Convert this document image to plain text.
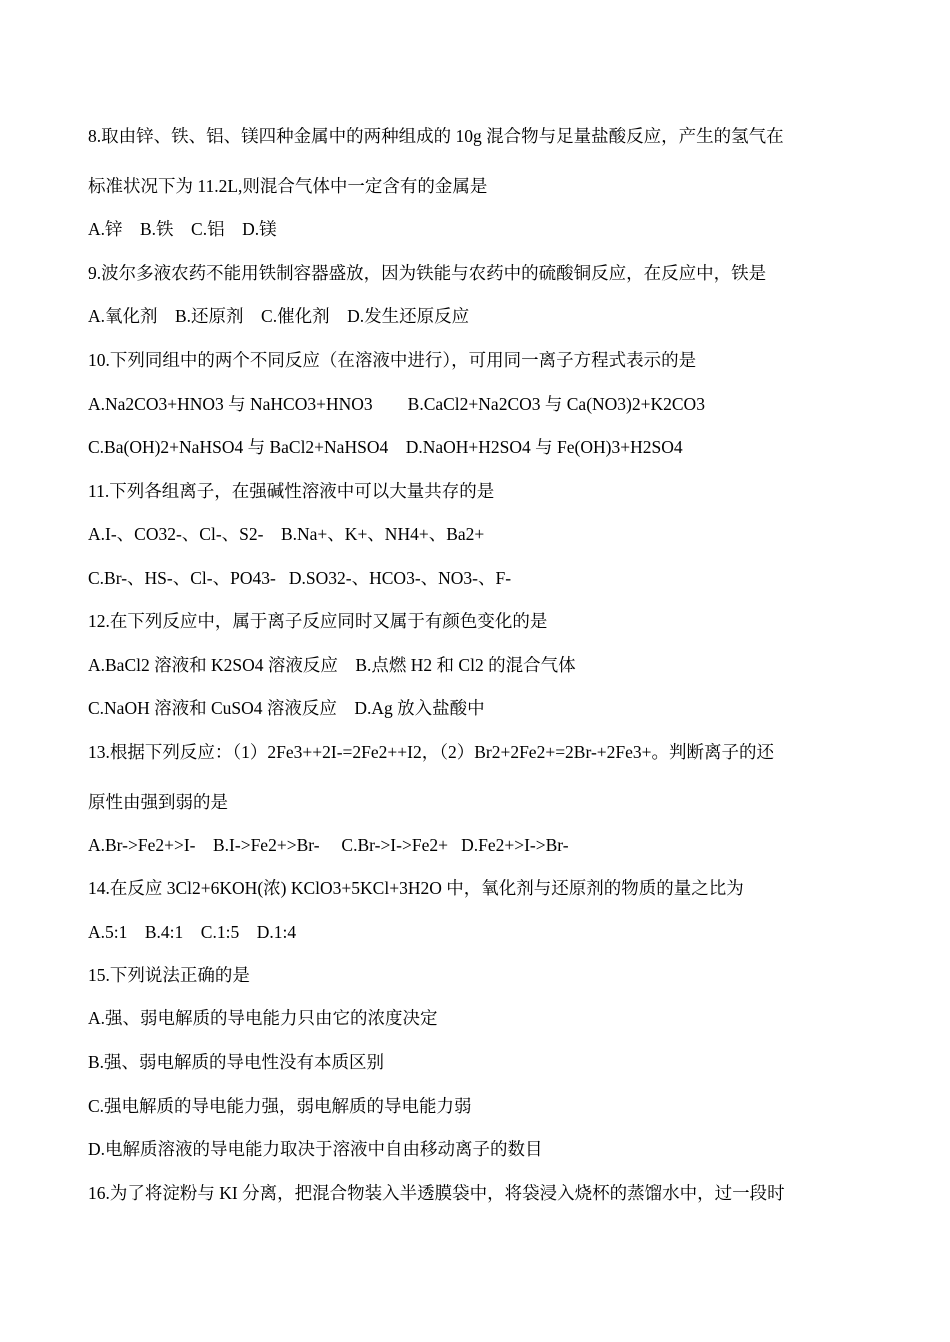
8.取由锌、铁、铝、镁四种金属中的两种组成的 10g 混合物与足量盐酸反应，产生的氢气在
标准状况下为 11.2L,则混合气体中一定含有的金属是
A.锌    B.铁    C.铝    D.镁
9.波尔多液农药不能用铁制容器盛放，因为铁能与农药中的硫酸铜反应，在反应中，铁是
A.氧化剂    B.还原剂    C.催化剂    D.发生还原反应
10.下列同组中的两个不同反应（在溶液中进行），可用同一离子方程式表示的是
A.Na2CO3+HNO3 与 NaHCO3+HNO3        B.CaCl2+Na2CO3 与 Ca(NO3)2+K2CO3
C.Ba(OH)2+NaHSO4 与 BaCl2+NaHSO4    D.NaOH+H2SO4 与 Fe(OH)3+H2SO4
11.下列各组离子，在强碱性溶液中可以大量共存的是
A.I-、CO32-、Cl-、S2-    B.Na+、K+、NH4+、Ba2+
C.Br-、HS-、Cl-、PO43-   D.SO32-、HCO3-、NO3-、F-
12.在下列反应中，属于离子反应同时又属于有颜色变化的是
A.BaCl2 溶液和 K2SO4 溶液反应    B.点燃 H2 和 Cl2 的混合气体
C.NaOH 溶液和 CuSO4 溶液反应    D.Ag 放入盐酸中
13.根据下列反应：（1）2Fe3++2I-=2Fe2++I2，（2）Br2+2Fe2+=2Br-+2Fe3+。判断离子的还
原性由强到弱的是
A.Br->Fe2+>I-    B.I->Fe2+>Br-     C.Br->I->Fe2+   D.Fe2+>I->Br-
14.在反应 3Cl2+6KOH(浓) KClO3+5KCl+3H2O 中，氧化剂与还原剂的物质的量之比为
A.5:1    B.4:1    C.1:5    D.1:4
15.下列说法正确的是
A.强、弱电解质的导电能力只由它的浓度决定
B.强、弱电解质的导电性没有本质区别
C.强电解质的导电能力强，弱电解质的导电能力弱
D.电解质溶液的导电能力取决于溶液中自由移动离子的数目
16.为了将淀粉与 KI 分离，把混合物装入半透膜袋中，将袋浸入烧杯的蒸馏水中，过一段时
